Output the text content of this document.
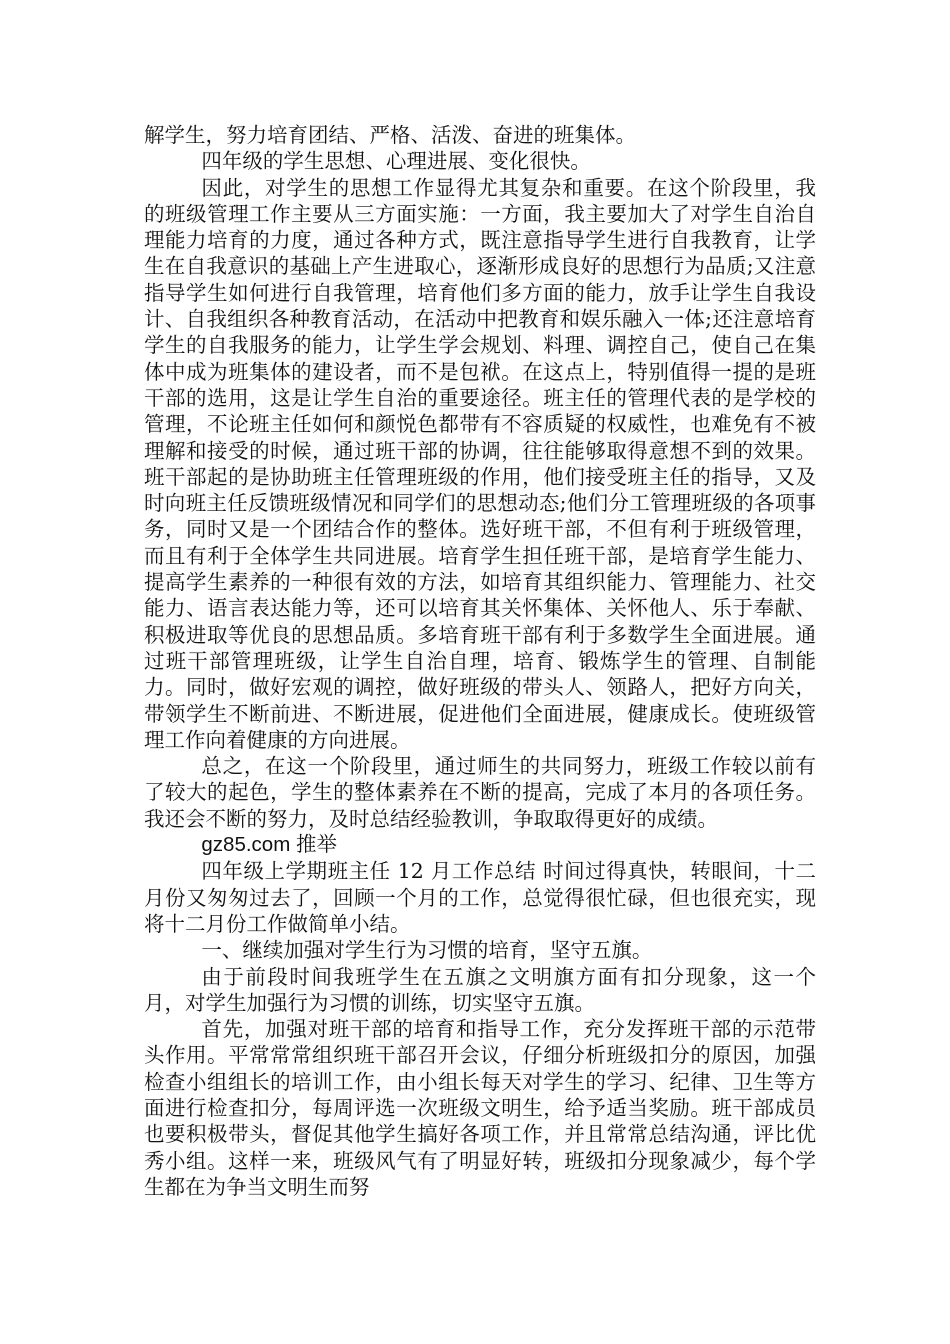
解学生，努力培育团结、严格、活泼、奋进的班集体。

四年级的学生思想、心理进展、变化很快。

因此，对学生的思想工作显得尤其复杂和重要。在这个阶段里，我的班级管理工作主要从三方面实施：一方面，我主要加大了对学生自治自理能力培育的力度，通过各种方式，既注意指导学生进行自我教育，让学生在自我意识的基础上产生进取心，逐渐形成良好的思想行为品质;又注意指导学生如何进行自我管理，培育他们多方面的能力，放手让学生自我设计、自我组织各种教育活动，在活动中把教育和娱乐融入一体;还注意培育学生的自我服务的能力，让学生学会规划、料理、调控自己，使自己在集体中成为班集体的建设者，而不是包袱。在这点上，特别值得一提的是班干部的选用，这是让学生自治的重要途径。班主任的管理代表的是学校的管理，不论班主任如何和颜悦色都带有不容质疑的权威性，也难免有不被理解和接受的时候，通过班干部的协调，往往能够取得意想不到的效果。班干部起的是协助班主任管理班级的作用，他们接受班主任的指导，又及时向班主任反馈班级情况和同学们的思想动态;他们分工管理班级的各项事务，同时又是一个团结合作的整体。选好班干部，不但有利于班级管理，而且有利于全体学生共同进展。培育学生担任班干部，是培育学生能力、提高学生素养的一种很有效的方法，如培育其组织能力、管理能力、社交能力、语言表达能力等，还可以培育其关怀集体、关怀他人、乐于奉献、积极进取等优良的思想品质。多培育班干部有利于多数学生全面进展。通过班干部管理班级，让学生自治自理，培育、锻炼学生的管理、自制能力。同时，做好宏观的调控，做好班级的带头人、领路人，把好方向关，带领学生不断前进、不断进展，促进他们全面进展，健康成长。使班级管理工作向着健康的方向进展。

总之，在这一个阶段里，通过师生的共同努力，班级工作较以前有了较大的起色，学生的整体素养在不断的提高，完成了本月的各项任务。我还会不断的努力，及时总结经验教训，争取取得更好的成绩。

gz85.com 推举

四年级上学期班主任 12 月工作总结 时间过得真快，转眼间，十二月份又匆匆过去了，回顾一个月的工作，总觉得很忙碌，但也很充实，现将十二月份工作做简单小结。

一、继续加强对学生行为习惯的培育，坚守五旗。

由于前段时间我班学生在五旗之文明旗方面有扣分现象，这一个月，对学生加强行为习惯的训练，切实坚守五旗。

首先，加强对班干部的培育和指导工作，充分发挥班干部的示范带头作用。平常常常组织班干部召开会议，仔细分析班级扣分的原因，加强检查小组组长的培训工作，由小组长每天对学生的学习、纪律、卫生等方面进行检查扣分，每周评选一次班级文明生，给予适当奖励。班干部成员也要积极带头，督促其他学生搞好各项工作，并且常常总结沟通，评比优秀小组。这样一来，班级风气有了明显好转，班级扣分现象减少，每个学生都在为争当文明生而努
